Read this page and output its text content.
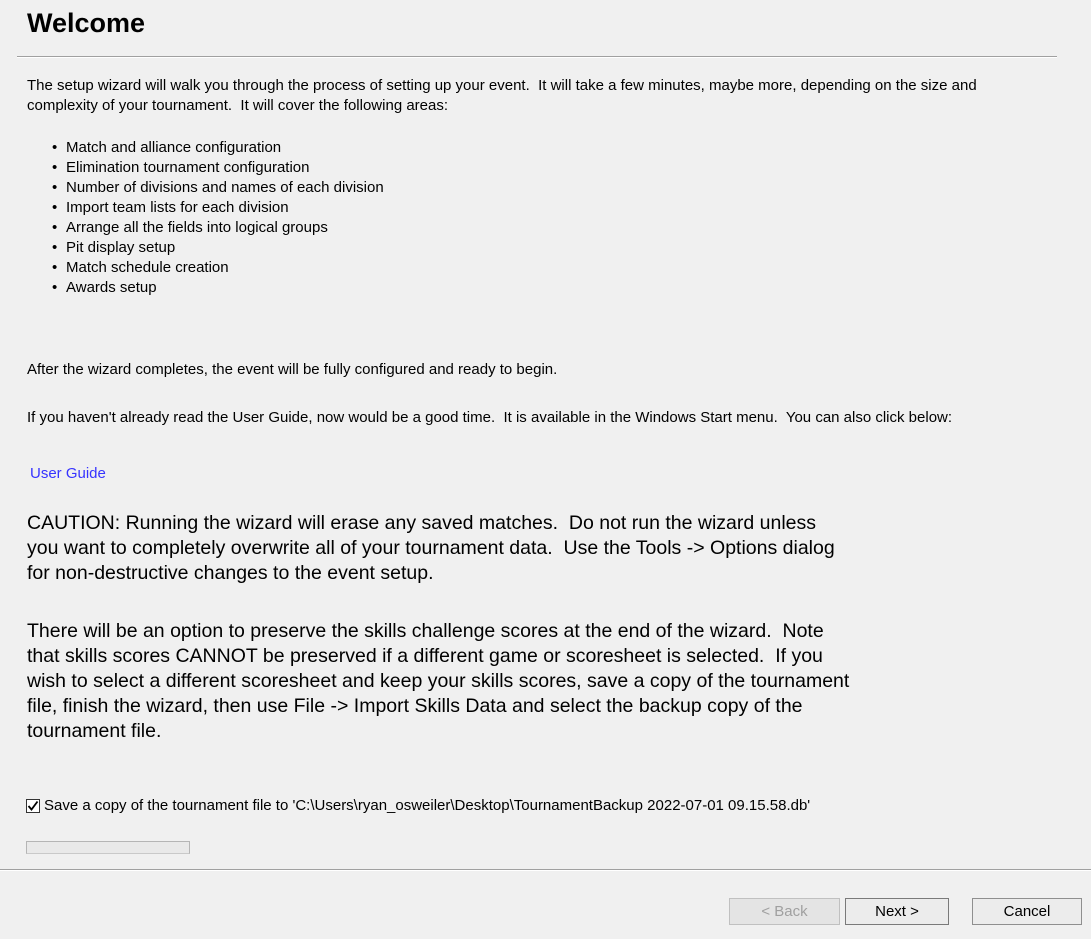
Welcome
The setup wizard will walk you through the process of setting up your event.  It will take a few minutes, maybe more, depending on the size and complexity of your tournament.  It will cover the following areas:
• Match and alliance configuration
• Elimination tournament configuration
• Number of divisions and names of each division
• Import team lists for each division
• Arrange all the fields into logical groups
• Pit display setup
• Match schedule creation
• Awards setup
After the wizard completes, the event will be fully configured and ready to begin.
If you haven't already read the User Guide, now would be a good time.  It is available in the Windows Start menu.  You can also click below:
User Guide
CAUTION: Running the wizard will erase any saved matches.  Do not run the wizard unless you want to completely overwrite all of your tournament data.  Use the Tools -> Options dialog for non-destructive changes to the event setup.
There will be an option to preserve the skills challenge scores at the end of the wizard.  Note that skills scores CANNOT be preserved if a different game or scoresheet is selected.  If you wish to select a different scoresheet and keep your skills scores, save a copy of the tournament file, finish the wizard, then use File -> Import Skills Data and select the backup copy of the tournament file.
Save a copy of the tournament file to 'C:\Users\ryan_osweiler\Desktop\TournamentBackup 2022-07-01 09.15.58.db'
< Back	Next >	Cancel
